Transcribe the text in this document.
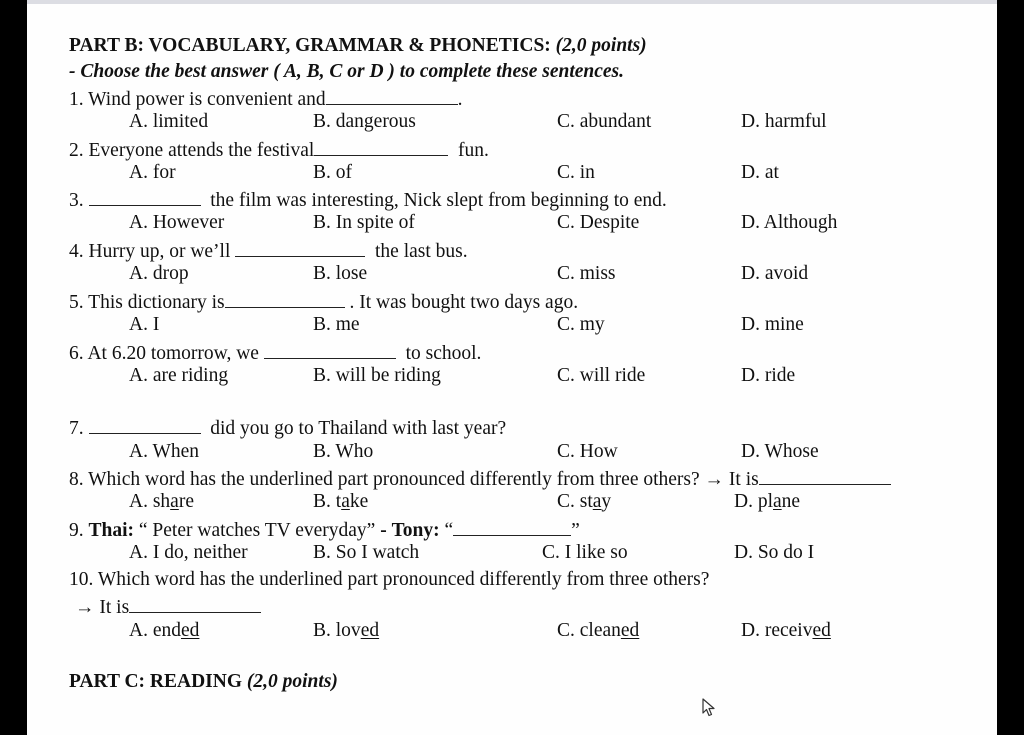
PART B: VOCABULARY, GRAMMAR & PHONETICS: (2,0 points)
- Choose the best answer ( A, B, C or D ) to complete these sentences.
1. Wind power is convenient and	.
A. limited	B. dangerous	C. abundant	D. harmful
2. Everyone attends the festival	fun.
A. for	B. of	C. in	D. at
3.	the film was interesting, Nick slept from beginning to end.
A. However	B. In spite of	C. Despite	D. Although
4. Hurry up, or we’ll	the last bus.
A. drop	B. lose	C. miss	D. avoid
5. This dictionary is	. It was bought two days ago.
A. I	B. me	C. my	D. mine
6. At 6.20 tomorrow, we	to school.
A. are riding	B. will be riding	C. will ride	D. ride
7.	did you go to Thailand with last year?
A. When	B. Who	C. How	D. Whose
8. Which word has the underlined part pronounced differently from three others? → It is
A. share	B. take	C. stay	D. plane
9. Thai: “ Peter watches TV everyday” - Tony: “	”
A. I do, neither	B. So I watch	C. I like so	D. So do I
10. Which word has the underlined part pronounced differently from three others?
→ It is
A. ended	B. loved	C. cleaned	D. received
PART C: READING (2,0 points)
